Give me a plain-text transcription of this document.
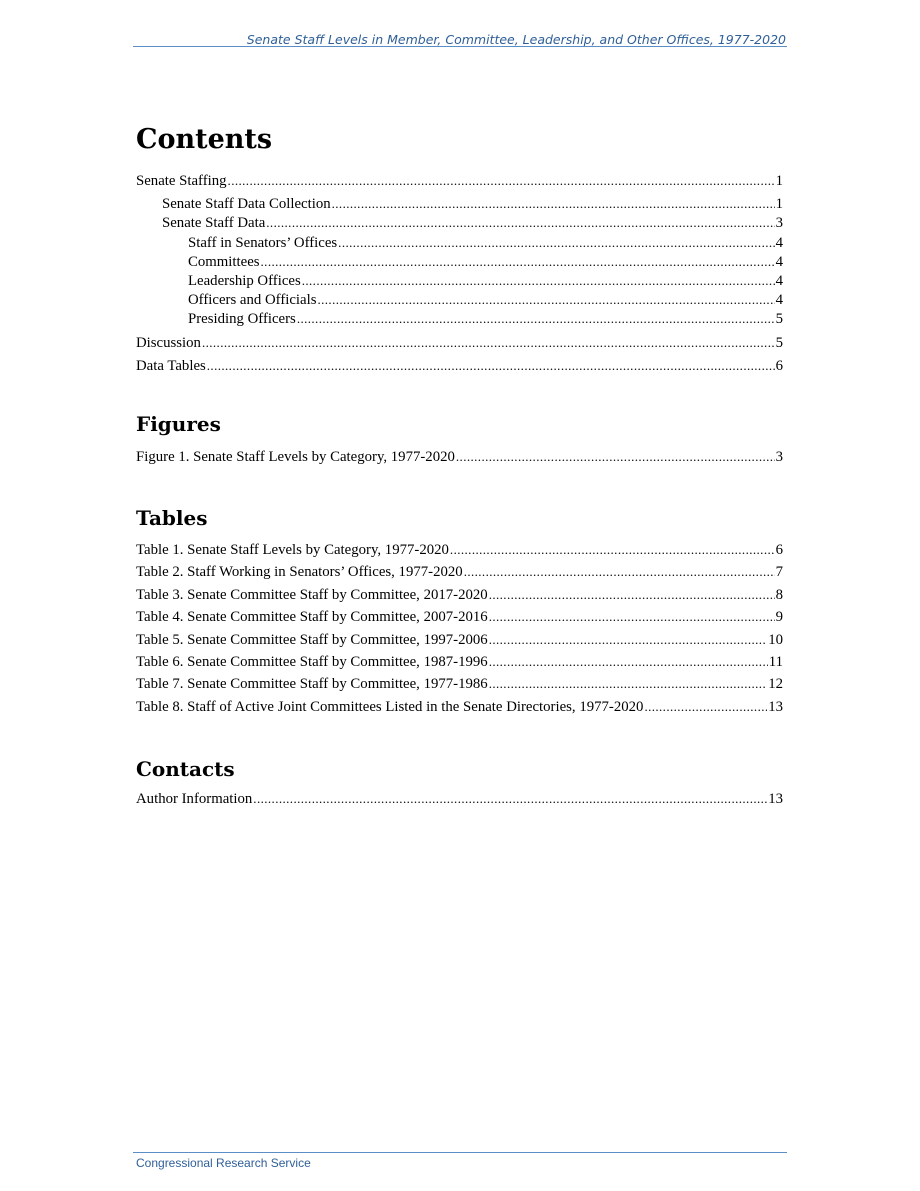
Senate Staff Levels in Member, Committee, Leadership, and Other Offices, 1977-2020
Contents
Senate Staffing .....	1
Senate Staff Data Collection .....	1
Senate Staff Data .....	3
Staff in Senators’ Offices .....	4
Committees .....	4
Leadership Offices .....	4
Officers and Officials .....	4
Presiding Officers .....	5
Discussion .....	5
Data Tables .....	6
Figures
Figure 1. Senate Staff Levels by Category, 1977-2020 .....	3
Tables
Table 1. Senate Staff Levels by Category, 1977-2020 .....	6
Table 2. Staff Working in Senators’ Offices, 1977-2020 .....	7
Table 3. Senate Committee Staff by Committee, 2017-2020 .....	8
Table 4. Senate Committee Staff by Committee, 2007-2016 .....	9
Table 5. Senate Committee Staff by Committee, 1997-2006 .....	10
Table 6. Senate Committee Staff by Committee, 1987-1996 .....	11
Table 7. Senate Committee Staff by Committee, 1977-1986 .....	12
Table 8. Staff of Active Joint Committees Listed in the Senate Directories, 1977-2020 .....	13
Contacts
Author Information .....	13
Congressional Research Service
